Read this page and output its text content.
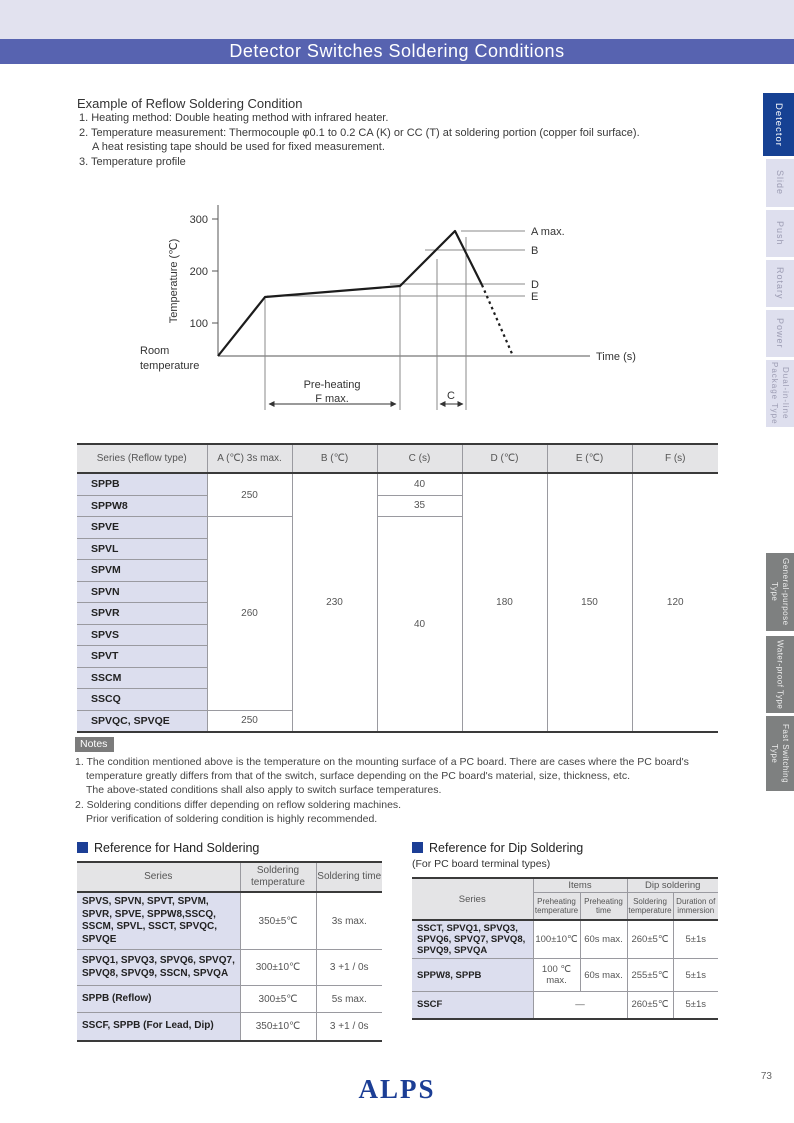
Detector Switches Soldering Conditions
Detector
Slide
Push
Rotary
Power
Dual-in-line Package Type
General-purpose Type
Water-proof Type
Fast Switching Type
Example of Reflow Soldering Condition
1. Heating method: Double heating method with infrared heater.
2. Temperature measurement: Thermocouple φ0.1 to 0.2 CA (K) or CC (T) at soldering portion (copper foil surface).
A heat resisting tape should be used for fixed measurement.
3. Temperature profile
300
200
100
Temperature (℃)
Room
temperature
Time (s)
A max.
B
D
E
Pre-heating
F max.	C
Series (Reflow type)	A (℃) 3s max.	B (℃)	C (s)	D (℃)	E (℃)	F (s)
SPPB	250	230	40	180	150	120
SPPW8			35			
SPVE	260		40			
SPVL						
SPVM						
SPVN						
SPVR						
SPVS						
SPVT						
SSCM						
SSCQ						
SPVQC, SPVQE	250					
Notes
1. The condition mentioned above is the temperature on the mounting surface of a PC board. There are cases where the PC board's
temperature greatly differs from that of the switch, surface depending on the PC board's material, size, thickness, etc.
The above-stated conditions shall also apply to switch surface temperatures.
2. Soldering conditions differ depending on reflow soldering machines.
Prior verification of soldering condition is highly recommended.
Reference for Hand Soldering
Series	Soldering temperature	Soldering time
SPVS, SPVN, SPVT, SPVM, SPVR, SPVE, SPPW8,SSCQ, SSCM, SPVL, SSCT, SPVQC, SPVQE	350±5℃	3s max.
SPVQ1, SPVQ3, SPVQ6, SPVQ7, SPVQ8, SPVQ9, SSCN, SPVQA	300±10℃	3 +1 / 0s
SPPB (Reflow)	300±5℃	5s max.
SSCF, SPPB (For Lead, Dip)	350±10℃	3 +1 / 0s
Reference for Dip Soldering
(For PC board terminal types)
Series	Items		Dip soldering	
	Preheating temperature	Preheating time	Soldering temperature	Duration of immersion
SSCT, SPVQ1, SPVQ3, SPVQ6, SPVQ7, SPVQ8, SPVQ9, SPVQA	100±10℃	60s max.	260±5℃	5±1s
SPPW8, SPPB	100 ℃ max.	60s max.	255±5℃	5±1s
SSCF	—		260±5℃	5±1s
ALPS	73
